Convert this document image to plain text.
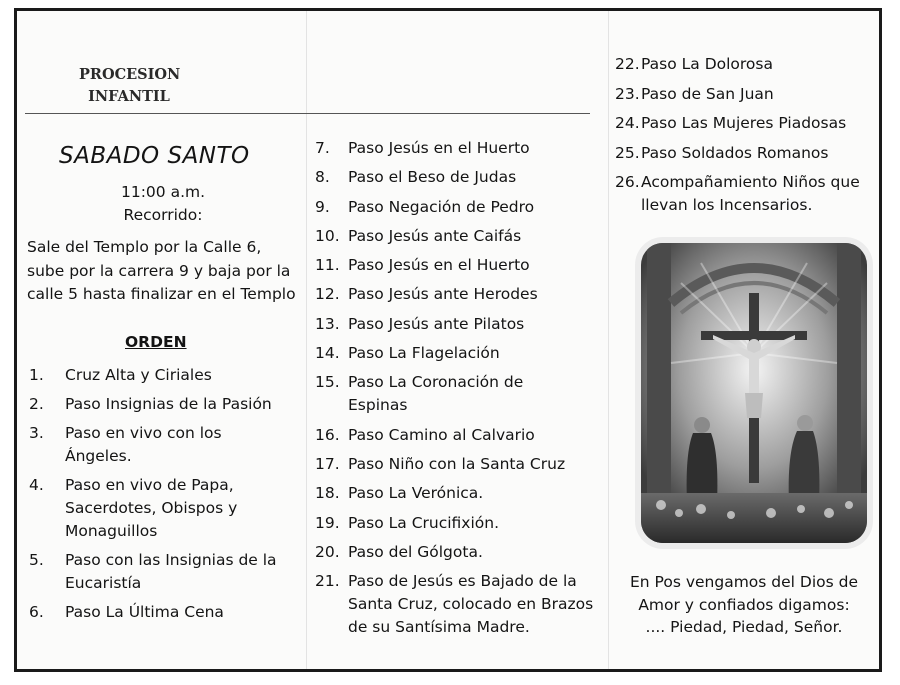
PROCESION
INFANTIL
SABADO SANTO
11:00 a.m.
Recorrido:
Sale del Templo por la Calle 6, sube por la carrera 9 y baja por la calle 5 hasta finalizar en el Templo
ORDEN
1.	Cruz Alta y Ciriales
2.	Paso Insignias de la Pasión
3.	Paso en vivo con los Ángeles.
4.	Paso en vivo de Papa, Sacerdotes, Obispos y Monaguillos
5.	Paso con las Insignias de la Eucaristía
6.	Paso La Última Cena
7.	Paso Jesús en el Huerto
8.	Paso el Beso de Judas
9.	Paso Negación de Pedro
10. Paso Jesús ante Caifás
11. Paso Jesús en el Huerto
12. Paso Jesús ante Herodes
13. Paso Jesús ante Pilatos
14. Paso La Flagelación
15. Paso La Coronación de Espinas
16. Paso Camino al Calvario
17. Paso Niño con la Santa Cruz
18. Paso La Verónica.
19. Paso La Crucifixión.
20. Paso del Gólgota.
21. Paso de Jesús es Bajado de la Santa Cruz, colocado en Brazos de su Santísima Madre.
22. Paso La Dolorosa
23. Paso de San Juan
24. Paso Las Mujeres Piadosas
25. Paso Soldados Romanos
26. Acompañamiento Niños que llevan los Incensarios.
En Pos vengamos del Dios de
Amor y confiados digamos:
.... Piedad, Piedad, Señor.
